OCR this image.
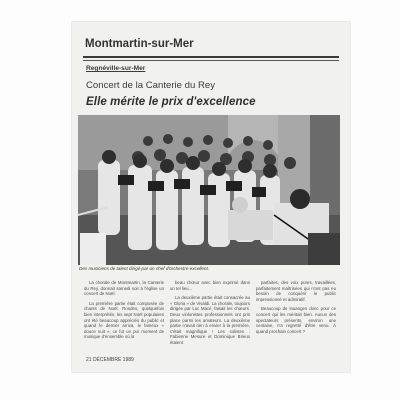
Montmartin-sur-Mer
Regnéville-sur-Mer
Concert de la Canterie du Rey
Elle mérite le prix d'excellence
Des musiciens de talent dirigé par un chef d'orchestre excellent.

La chorale de Montmartin, la Canterie du Rey, donnait samedi soir à l'église un concert de Noël.

La première partie était composée de chants de Noël. Rondes, quelquefois bien interprétés, les sept Noël populaires ont été beaucoup appréciés du public et quand le dernier arriva, le fameux « douce nuit », ce fut un pur moment de musique d'ensemble où la

beau chœur avec bien exprimé dans un tel lieu...

La deuxième partie était consacrée au « Gloria » de Vivaldi. La chorale, toujours dirigée par Luc Macé, faisait les chœurs. Deux violonistes professionnels ont pris place parmi les amateurs. La deuxième partie n'avait rien à envier à la première, c'était magnifique ! Les solistes : Fabienne Mesure et Dominique Brieux étaient

parfaites, des voix pures, travaillées, parfaitement maîtrisées qui n'ont pas eu besoin de conquérir le public impressionné et admiratif.

Beaucoup de louanges donc pour ce concert qui les méritait bien. Aucun des spectateurs présents, environ une centaine, n'a regretté d'être venu. À quand prochain concert ?

21 DÉCEMBRE 1989
